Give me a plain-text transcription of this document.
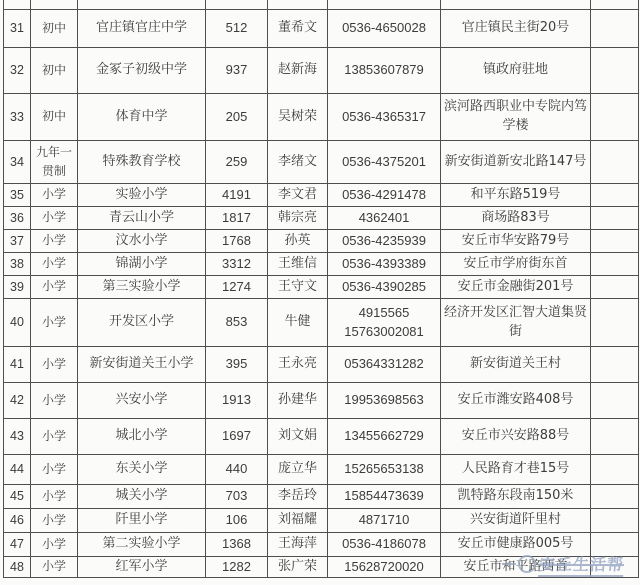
31	初中	官庄镇官庄中学	512	董希文	0536-4650028	官庄镇民主街20号	
32	初中	金冢子初级中学	937	赵新海	13853607879	镇政府驻地	
33	初中	体育中学	205	吴树荣	0536-4365317	滨河路西职业中专院内笃学楼	
34	九年一贯制	特殊教育学校	259	李绪文	0536-4375201	新安街道新安北路147号	
35	小学	实验小学	4191	李文君	0536-4291478	和平东路519号	
36	小学	青云山小学	1817	韩宗亮	4362401	商场路83号	
37	小学	汶水小学	1768	孙英	0536-4235939	安丘市华安路79号	
38	小学	锦湖小学	3312	王维信	0536-4393389	安丘市学府街东首	
39	小学	第三实验小学	1274	王守文	0536-4390285	安丘市金融街201号	
40	小学	开发区小学	853	牛健	4915565
15763002081	经济开发区汇智大道集贤街	
41	小学	新安街道关王小学	395	王永亮	05364331282	新安街道关王村	
42	小学	兴安小学	1913	孙建华	19953698563	安丘市潍安路408号	
43	小学	城北小学	1697	刘文娟	13455662729	安丘市兴安路88号	
44	小学	东关小学	440	庞立华	15265653138	人民路育才巷15号	
45	小学	城关小学	703	李岳玲	15854473639	凯特路东段南150米	
46	小学	阡里小学	106	刘福耀	4871710	兴安街道阡里村	
47	小学	第二实验小学	1368	王海萍	0536-4186078	安丘市健康路005号	
48	小学	红军小学	1282	张广荣	15628720020	安丘市和平路西首	
安丘生活帮
